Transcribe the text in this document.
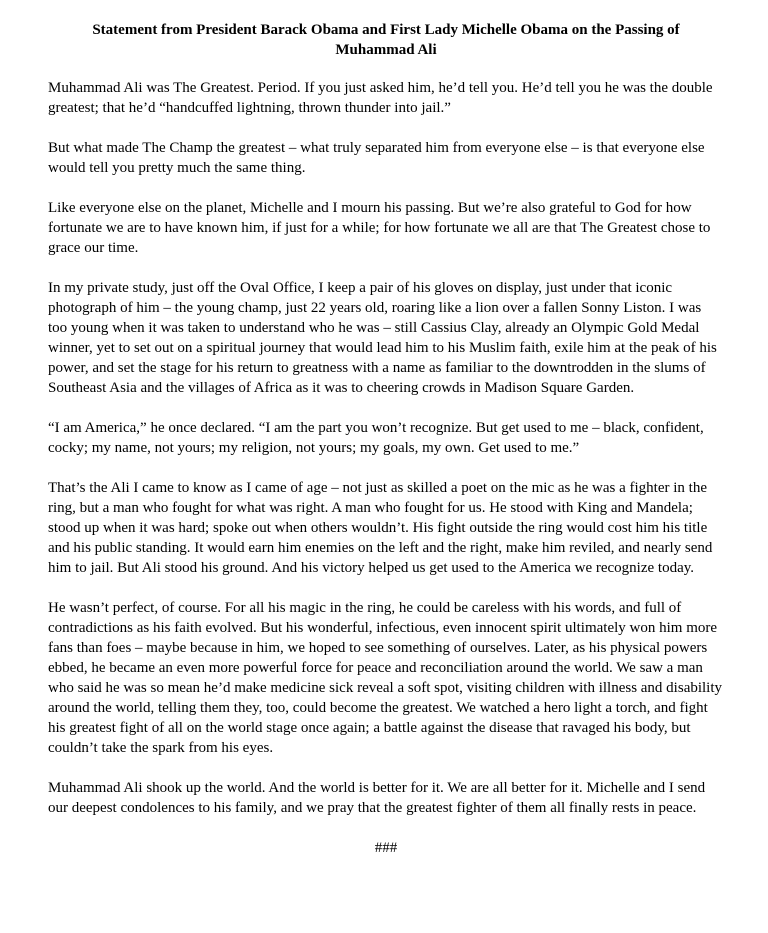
Statement from President Barack Obama and First Lady Michelle Obama on the Passing of
Muhammad Ali

Muhammad Ali was The Greatest. Period. If you just asked him, he’d tell you. He’d tell you he was the double greatest; that he’d “handcuffed lightning, thrown thunder into jail.”

But what made The Champ the greatest – what truly separated him from everyone else – is that everyone else would tell you pretty much the same thing.

Like everyone else on the planet, Michelle and I mourn his passing. But we’re also grateful to God for how fortunate we are to have known him, if just for a while; for how fortunate we all are that The Greatest chose to grace our time.

In my private study, just off the Oval Office, I keep a pair of his gloves on display, just under that iconic photograph of him – the young champ, just 22 years old, roaring like a lion over a fallen Sonny Liston. I was too young when it was taken to understand who he was – still Cassius Clay, already an Olympic Gold Medal winner, yet to set out on a spiritual journey that would lead him to his Muslim faith, exile him at the peak of his power, and set the stage for his return to greatness with a name as familiar to the downtrodden in the slums of Southeast Asia and the villages of Africa as it was to cheering crowds in Madison Square Garden.

“I am America,” he once declared. “I am the part you won’t recognize. But get used to me – black, confident, cocky; my name, not yours; my religion, not yours; my goals, my own. Get used to me.”

That’s the Ali I came to know as I came of age – not just as skilled a poet on the mic as he was a fighter in the ring, but a man who fought for what was right. A man who fought for us. He stood with King and Mandela; stood up when it was hard; spoke out when others wouldn’t. His fight outside the ring would cost him his title and his public standing. It would earn him enemies on the left and the right, make him reviled, and nearly send him to jail. But Ali stood his ground. And his victory helped us get used to the America we recognize today.

He wasn’t perfect, of course. For all his magic in the ring, he could be careless with his words, and full of contradictions as his faith evolved. But his wonderful, infectious, even innocent spirit ultimately won him more fans than foes – maybe because in him, we hoped to see something of ourselves. Later, as his physical powers ebbed, he became an even more powerful force for peace and reconciliation around the world. We saw a man who said he was so mean he’d make medicine sick reveal a soft spot, visiting children with illness and disability around the world, telling them they, too, could become the greatest. We watched a hero light a torch, and fight his greatest fight of all on the world stage once again; a battle against the disease that ravaged his body, but couldn’t take the spark from his eyes.

Muhammad Ali shook up the world. And the world is better for it. We are all better for it. Michelle and I send our deepest condolences to his family, and we pray that the greatest fighter of them all finally rests in peace.

###
